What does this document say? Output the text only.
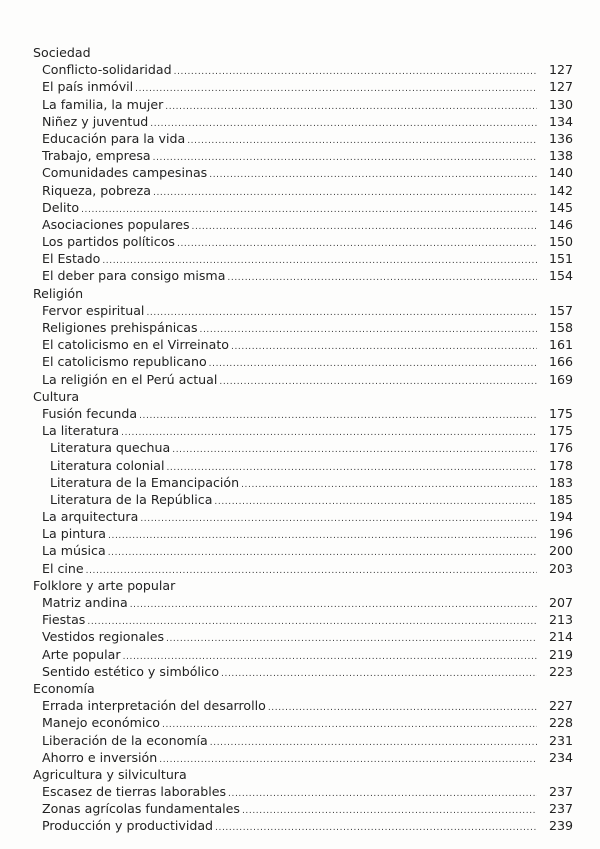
Sociedad
Conflicto-solidaridad .....	127
El país inmóvil .....	127
La familia, la mujer .....	130
Niñez y juventud .....	134
Educación para la vida .....	136
Trabajo, empresa .....	138
Comunidades campesinas .....	140
Riqueza, pobreza .....	142
Delito .....	145
Asociaciones populares .....	146
Los partidos políticos .....	150
El Estado .....	151
El deber para consigo misma .....	154
Religión
Fervor espiritual .....	157
Religiones prehispánicas .....	158
El catolicismo en el Virreinato .....	161
El catolicismo republicano .....	166
La religión en el Perú actual .....	169
Cultura
Fusión fecunda .....	175
La literatura .....	175
Literatura quechua .....	176
Literatura colonial .....	178
Literatura de la Emancipación .....	183
Literatura de la República .....	185
La arquitectura .....	194
La pintura .....	196
La música .....	200
El cine .....	203
Folklore y arte popular
Matriz andina .....	207
Fiestas .....	213
Vestidos regionales .....	214
Arte popular .....	219
Sentido estético y simbólico .....	223
Economía
Errada interpretación del desarrollo .....	227
Manejo económico .....	228
Liberación de la economía .....	231
Ahorro e inversión .....	234
Agricultura y silvicultura
Escasez de tierras laborables .....	237
Zonas agrícolas fundamentales .....	237
Producción y productividad .....	239
